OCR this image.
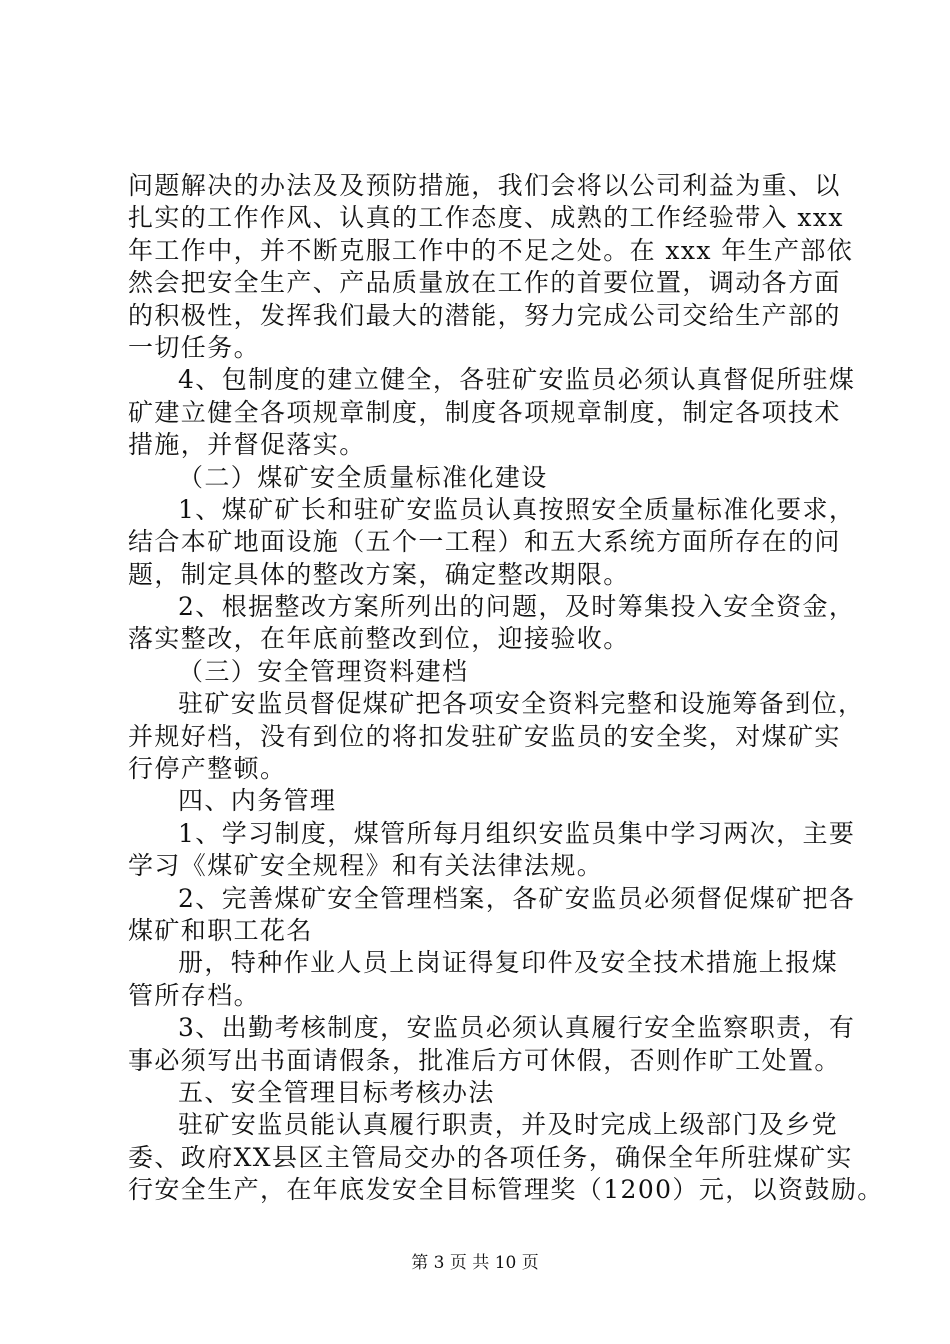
问题解决的办法及及预防措施，我们会将以公司利益为重、以
扎实的工作作风、认真的工作态度、成熟的工作经验带入 xxx
年工作中，并不断克服工作中的不足之处。在 xxx 年生产部依
然会把安全生产、产品质量放在工作的首要位置，调动各方面
的积极性，发挥我们最大的潜能，努力完成公司交给生产部的
一切任务。
4、包制度的建立健全，各驻矿安监员必须认真督促所驻煤
矿建立健全各项规章制度，制度各项规章制度，制定各项技术
措施，并督促落实。
（二）煤矿安全质量标准化建设
1、煤矿矿长和驻矿安监员认真按照安全质量标准化要求，
结合本矿地面设施（五个一工程）和五大系统方面所存在的问
题，制定具体的整改方案，确定整改期限。
2、根据整改方案所列出的问题，及时筹集投入安全资金，
落实整改，在年底前整改到位，迎接验收。
（三）安全管理资料建档
驻矿安监员督促煤矿把各项安全资料完整和设施筹备到位，
并规好档，没有到位的将扣发驻矿安监员的安全奖，对煤矿实
行停产整顿。
四、内务管理
1、学习制度，煤管所每月组织安监员集中学习两次，主要
学习《煤矿安全规程》和有关法律法规。
2、完善煤矿安全管理档案，各矿安监员必须督促煤矿把各
煤矿和职工花名
册，特种作业人员上岗证得复印件及安全技术措施上报煤
管所存档。
3、出勤考核制度，安监员必须认真履行安全监察职责，有
事必须写出书面请假条，批准后方可休假，否则作旷工处置。
五、安全管理目标考核办法
驻矿安监员能认真履行职责，并及时完成上级部门及乡党
委、政府XX县区主管局交办的各项任务，确保全年所驻煤矿实
行安全生产，在年底发安全目标管理奖（1200）元，以资鼓励。
第 3 页 共 10 页
